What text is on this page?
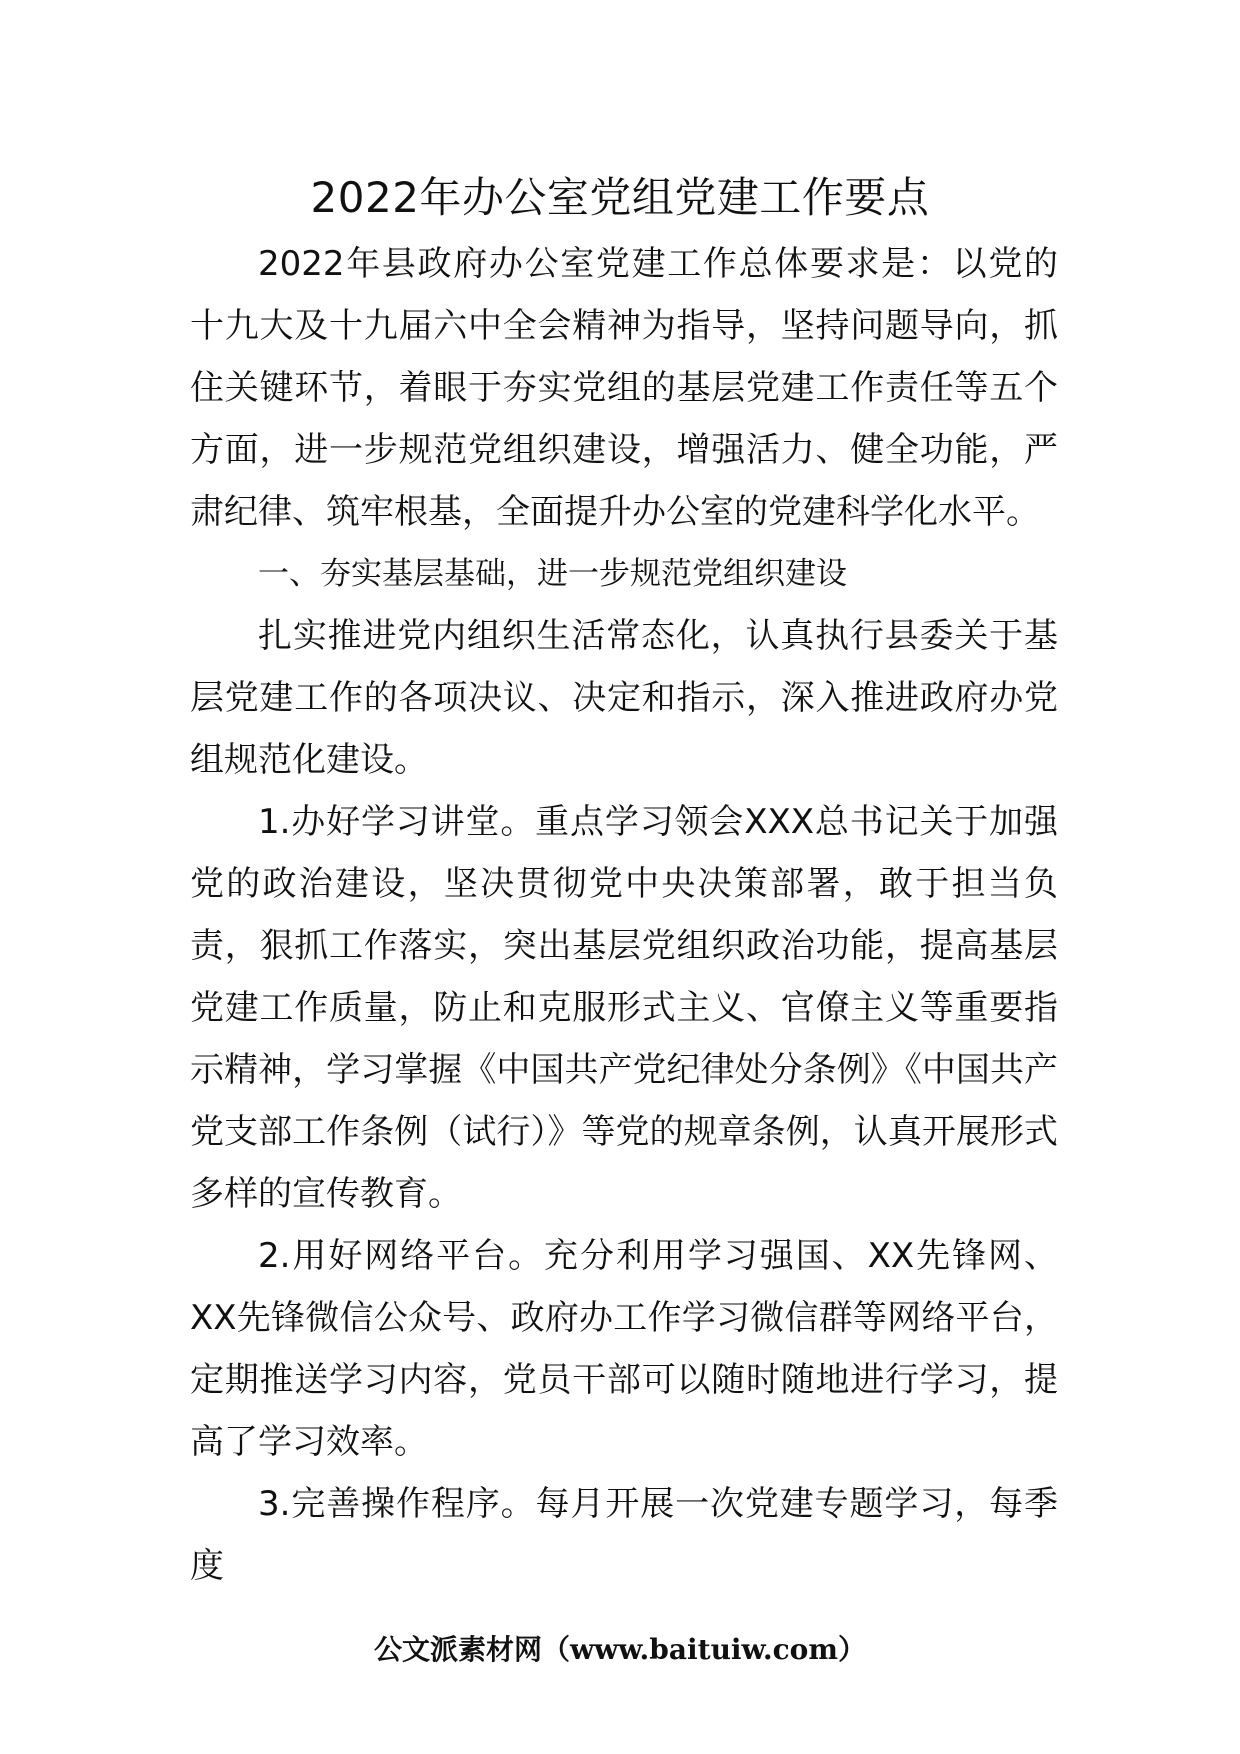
2022年办公室党组党建工作要点

2022年县政府办公室党建工作总体要求是：以党的十九大及十九届六中全会精神为指导，坚持问题导向，抓住关键环节，着眼于夯实党组的基层党建工作责任等五个方面，进一步规范党组织建设，增强活力、健全功能，严肃纪律、筑牢根基，全面提升办公室的党建科学化水平。

一、夯实基层基础，进一步规范党组织建设

扎实推进党内组织生活常态化，认真执行县委关于基层党建工作的各项决议、决定和指示，深入推进政府办党组规范化建设。

1.办好学习讲堂。重点学习领会XXX总书记关于加强党的政治建设，坚决贯彻党中央决策部署，敢于担当负责，狠抓工作落实，突出基层党组织政治功能，提高基层党建工作质量，防止和克服形式主义、官僚主义等重要指示精神，学习掌握《中国共产党纪律处分条例》《中国共产党支部工作条例（试行）》等党的规章条例，认真开展形式多样的宣传教育。

2.用好网络平台。充分利用学习强国、XX先锋网、XX先锋微信公众号、政府办工作学习微信群等网络平台，定期推送学习内容，党员干部可以随时随地进行学习，提高了学习效率。

3.完善操作程序。每月开展一次党建专题学习，每季度

公文派素材网（www.baituiw.com）
